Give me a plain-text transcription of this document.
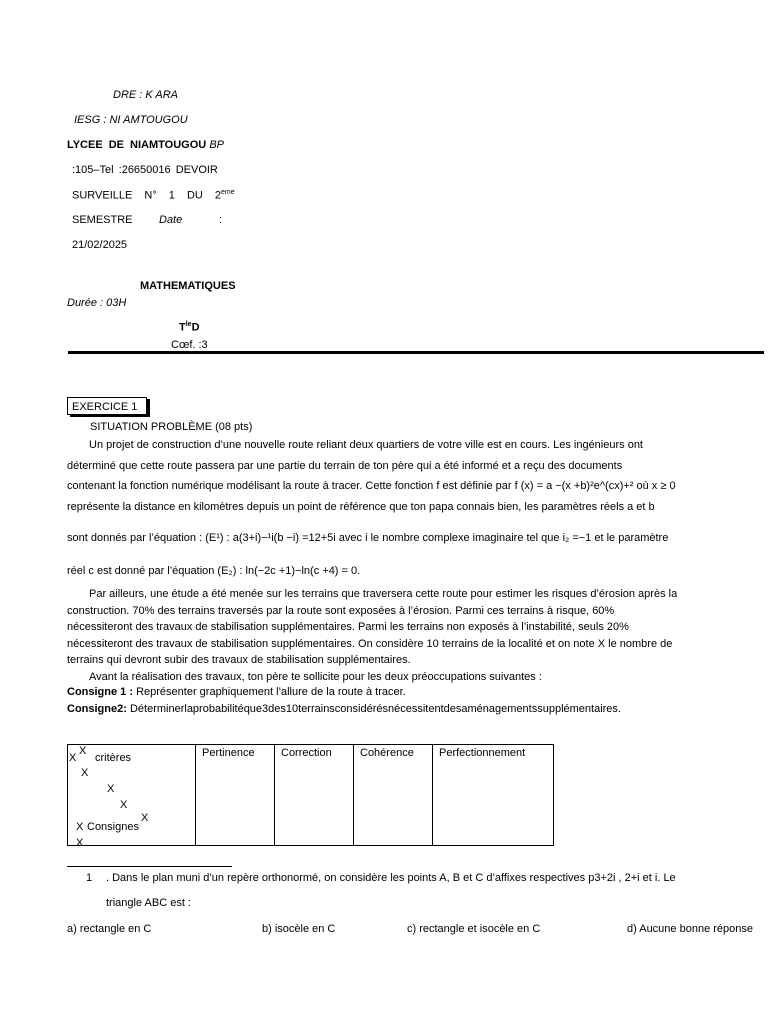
DRE : K ARA
IESG : NI AMTOUGOU
LYCEE DE NIAMTOUGOU BP
:105–Tel :26650016 DEVOIR
SURVEILLE N° 1 DU 2eme
SEMESTRE Date	:
21/02/2025
MATHEMATIQUES
Durée : 03H
$T^{le}D$
Cœf. :3
EXERCICE 1
SITUATION PROBLÈME (08 pts)

Un projet de construction d’une nouvelle route reliant deux quartiers de votre ville est en cours. Les ingénieurs ont

déterminé que cette route passera par une partie du terrain de ton père qui a été informé et a reçu des documents

contenant la fonction numérique modélisant la route à tracer. Cette fonction f est définie par f (x) = a −(x +b)²e^(cx)+² où x ≥ 0

représente la distance en kilomètres depuis un point de référence que ton papa connais bien, les paramètres réels a et b

sont donnés par l’équation : (E¹) : a(3+i)−¹i(b −i) =12+5i avec i le nombre complexe imaginaire tel que i₂ =−1 et le paramètre
réel c est donné par l’équation (E₂) : ln(−2c +1)−ln(c +4) = 0.

Par ailleurs, une étude a été menée sur les terrains que traversera cette route pour estimer les risques d’érosion après la

construction. 70% des terrains traversés par la route sont exposées à l’érosion. Parmi ces terrains à risque, 60%

nécessiteront des travaux de stabilisation supplémentaires. Parmi les terrains non exposés à l’instabilité, seuls 20%

nécessiteront des travaux de stabilisation supplémentaires. On considère 10 terrains de la localité et on note X le nombre de

terrains qui devront subir des travaux de stabilisation supplémentaires.

Avant la réalisation des travaux, ton père te sollicite pour les deux préoccupations suivantes :

Consigne 1 : Représenter graphiquement l’allure de la route à tracer.
Consigne2: Déterminerlaprobabilitéque3des10terrainsconsidérésnécessitentdesaménagementssupplémentaires.
X
X
critères
X
X
X
X
X Consignes
X
	Pertinence	Correction	Cohérence	Perfectionnement
1 . Dans le plan muni d’un repère orthonormé, on considère les points A, B et C d’affixes respectives p3+2i , 2+i et i. Le
triangle ABC est :
a) rectangle en C	b) isocèle en C	c) rectangle et isocèle en C	d) Aucune bonne réponse
